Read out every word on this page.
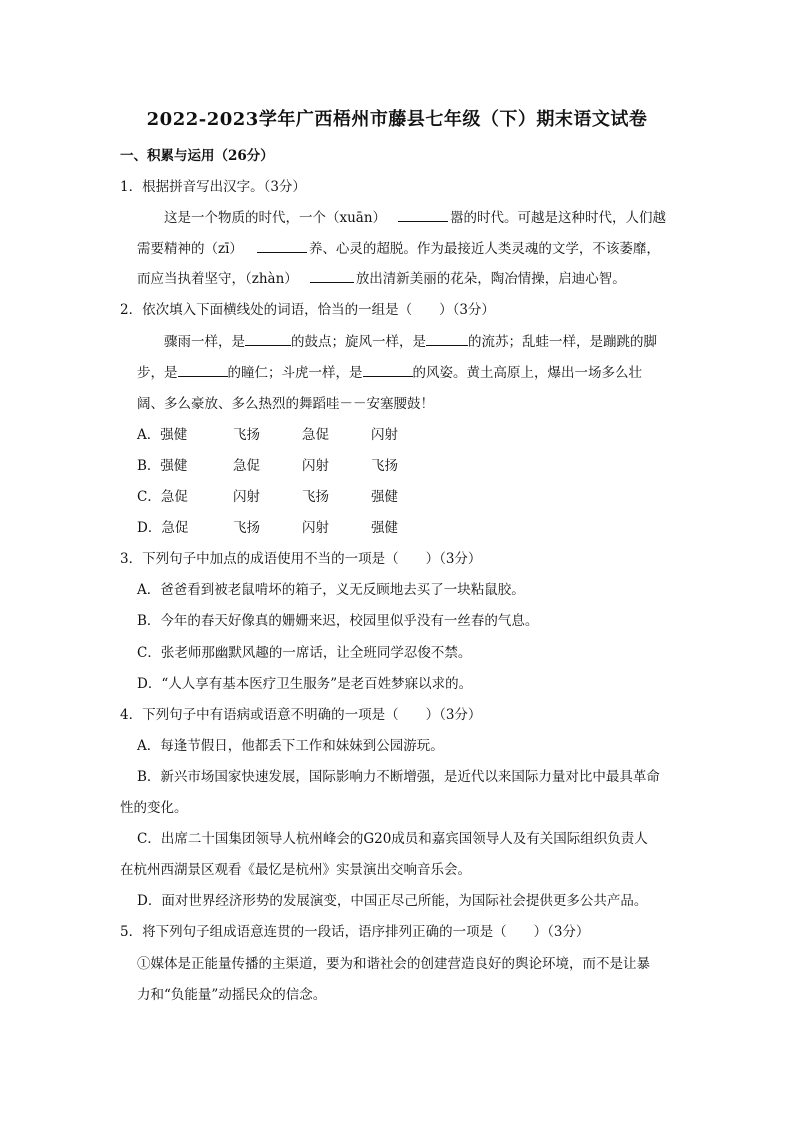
2022-2023学年广西梧州市藤县七年级（下）期末语文试卷
一、积累与运用（26分）
1．根据拼音写出汉字。（3分）
这是一个物质的时代，一个（xuān）	嚣的时代。可越是这种时代，人们越
需要精神的（zī）	养、心灵的超脱。作为最接近人类灵魂的文学，不该萎靡，
而应当执着坚守，（zhàn）	放出清新美丽的花朵，陶冶情操，启迪心智。
2．依次填入下面横线处的词语，恰当的一组是（　　）（3分）
骤雨一样，是	的鼓点；旋风一样，是	的流苏；乱蛙一样，是蹦跳的脚
步，是	的瞳仁；斗虎一样，是	的风姿。黄土高原上，爆出一场多么壮
阔、多么豪放、多么热烈的舞蹈哇－－安塞腰鼓！
A．强健	飞扬	急促	闪射
B．强健	急促	闪射	飞扬
C．急促	闪射	飞扬	强健
D．急促	飞扬	闪射	强健
3．下列句子中加点的成语使用不当的一项是（　　）（3分）
A．爸爸看到被老鼠啃坏的箱子，义无反顾地去买了一块粘鼠胶。
B．今年的春天好像真的姗姗来迟，校园里似乎没有一丝春的气息。
C．张老师那幽默风趣的一席话，让全班同学忍俊不禁。
D．“人人享有基本医疗卫生服务”是老百姓梦寐以求的。
4．下列句子中有语病或语意不明确的一项是（　　）（3分）
A．每逢节假日，他都丢下工作和妹妹到公园游玩。
B．新兴市场国家快速发展，国际影响力不断增强，是近代以来国际力量对比中最具革命
性的变化。
C．出席二十国集团领导人杭州峰会的G20成员和嘉宾国领导人及有关国际组织负责人
在杭州西湖景区观看《最忆是杭州》实景演出交响音乐会。
D．面对世界经济形势的发展演变，中国正尽己所能，为国际社会提供更多公共产品。
5．将下列句子组成语意连贯的一段话，语序排列正确的一项是（　　）（3分）
①媒体是正能量传播的主渠道，要为和谐社会的创建营造良好的舆论环境，而不是让暴
力和“负能量”动摇民众的信念。
